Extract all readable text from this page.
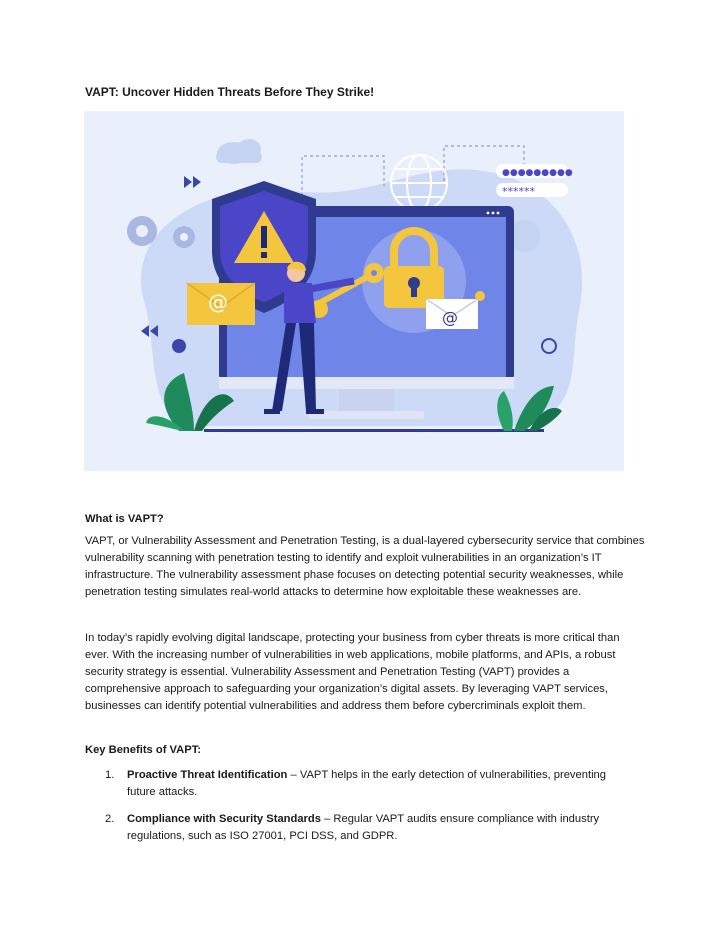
VAPT: Uncover Hidden Threats Before They Strike!
●●●●●●●●●
******
@
@
What is VAPT?

VAPT, or Vulnerability Assessment and Penetration Testing, is a dual-layered cybersecurity service that combines vulnerability scanning with penetration testing to identify and exploit vulnerabilities in an organization’s IT infrastructure. The vulnerability assessment phase focuses on detecting potential security weaknesses, while penetration testing simulates real-world attacks to determine how exploitable these weaknesses are.

In today’s rapidly evolving digital landscape, protecting your business from cyber threats is more critical than ever. With the increasing number of vulnerabilities in web applications, mobile platforms, and APIs, a robust security strategy is essential. Vulnerability Assessment and Penetration Testing (VAPT) provides a comprehensive approach to safeguarding your organization’s digital assets. By leveraging VAPT services, businesses can identify potential vulnerabilities and address them before cybercriminals exploit them.

Key Benefits of VAPT:
1. Proactive Threat Identification – VAPT helps in the early detection of vulnerabilities, preventing future attacks.
2. Compliance with Security Standards – Regular VAPT audits ensure compliance with industry regulations, such as ISO 27001, PCI DSS, and GDPR.
